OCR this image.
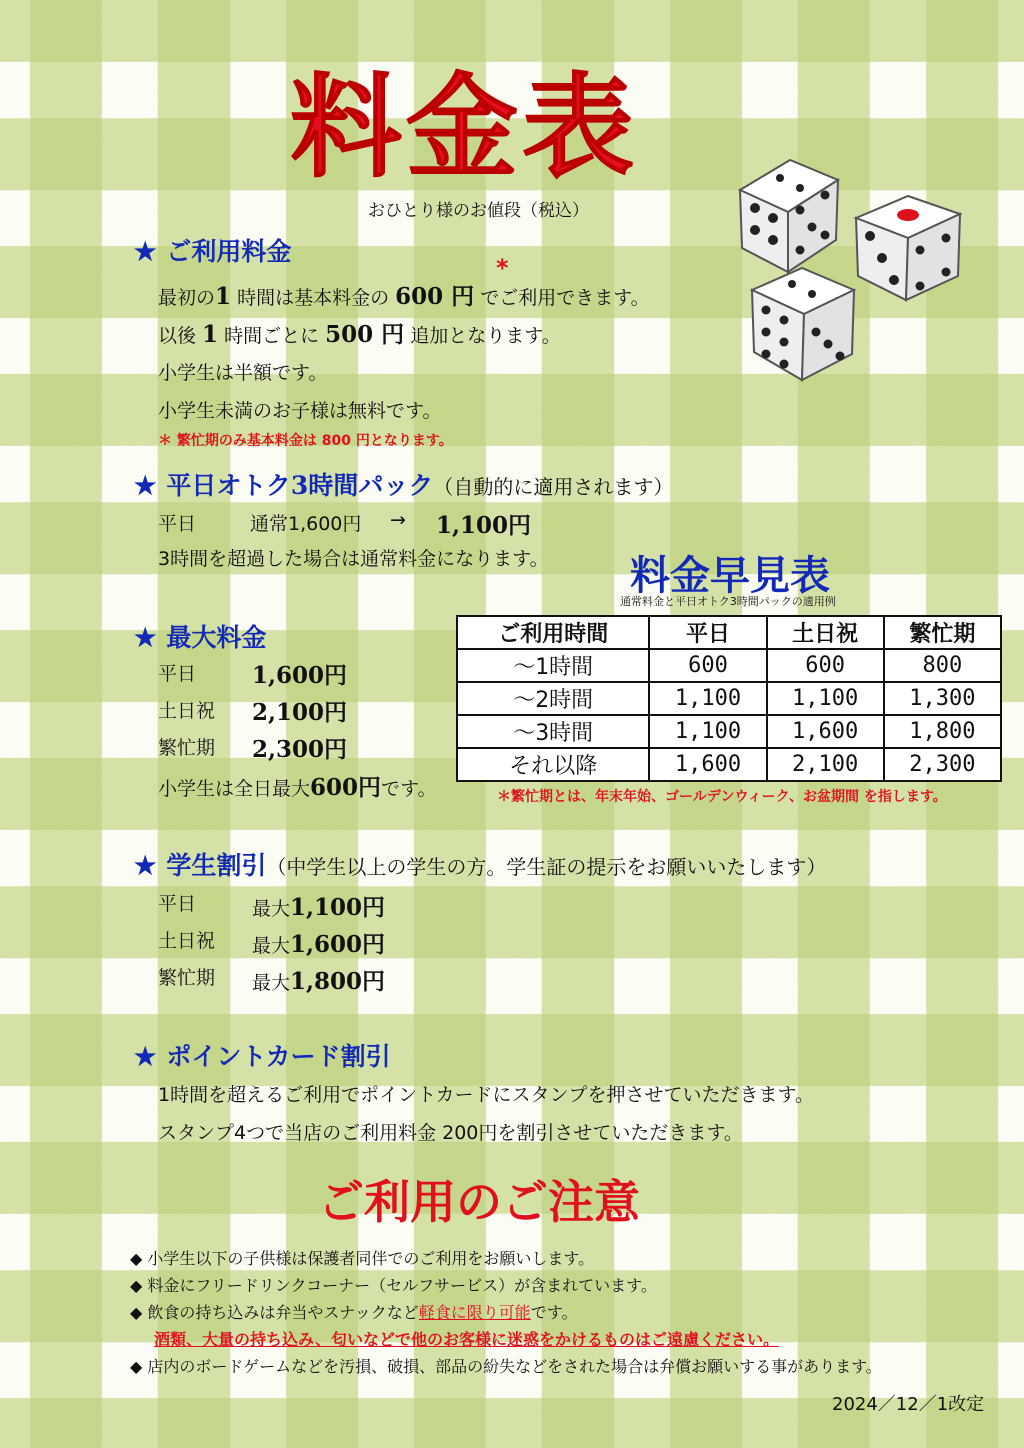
料金表
おひとり様のお値段（税込）
★ ご利用料金
最初の1 時間は基本料金の 600 円 でご利用できます。
*
以後 1 時間ごとに 500 円 追加となります。
小学生は半額です。
小学生未満のお子様は無料です。
＊ 繁忙期のみ基本料金は 800 円となります。
★ 平日オトク3時間パック（自動的に適用されます）
平日	通常1,600円 → 1,100円
3時間を超過した場合は通常料金になります。
★ 最大料金
平日 1,600円
土日祝 2,100円
繁忙期 2,300円
小学生は全日最大600円です。
料金早見表
通常料金と平日オトク3時間パックの適用例
ご利用時間	平日	土日祝	繁忙期
～1時間	600	600	800
～2時間	1,100	1,100	1,300
～3時間	1,100	1,600	1,800
それ以降	1,600	2,100	2,300
＊繁忙期とは、年末年始、ゴールデンウィーク、お盆期間 を指します。
★ 学生割引（中学生以上の学生の方。学生証の提示をお願いいたします）
平日	最大1,100円
土日祝 最大1,600円
繁忙期 最大1,800円
★ ポイントカード割引
1時間を超えるご利用でポイントカードにスタンプを押させていただきます。
スタンプ4つで当店のご利用料金 200円を割引させていただきます。
ご利用のご注意
◆ 小学生以下の子供様は保護者同伴でのご利用をお願いします。
◆ 料金にフリードリンクコーナー（セルフサービス）が含まれています。
◆ 飲食の持ち込みは弁当やスナックなど軽食に限り可能です。
酒類、大量の持ち込み、匂いなどで他のお客様に迷惑をかけるものはご遠慮ください。
◆ 店内のボードゲームなどを汚損、破損、部品の紛失などをされた場合は弁償お願いする事があります。
2024／12／1改定
